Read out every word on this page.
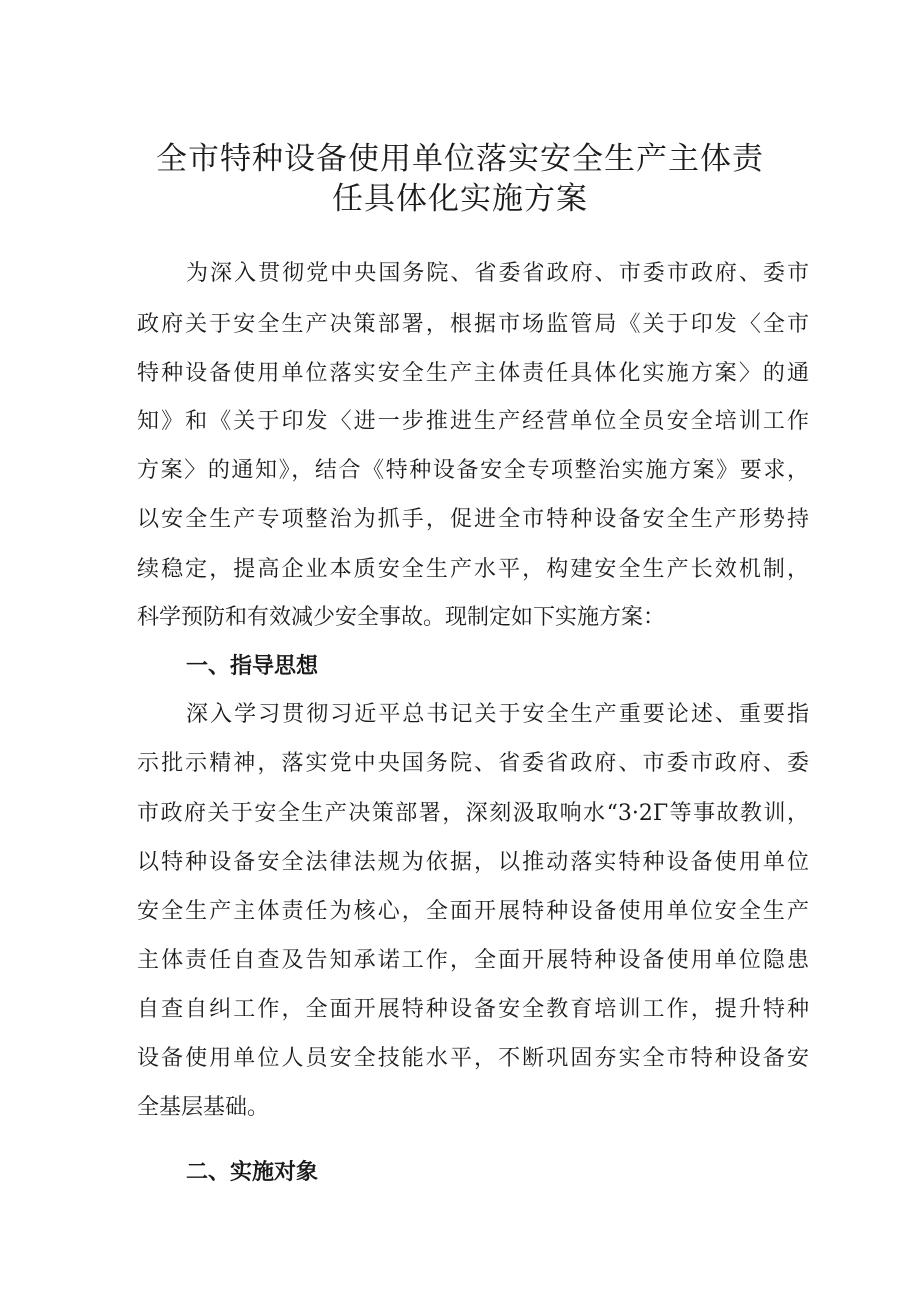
全市特种设备使用单位落实安全生产主体责
任具体化实施方案
为深入贯彻党中央国务院、省委省政府、市委市政府、委市
政府关于安全生产决策部署，根据市场监管局《关于印发〈全市
特种设备使用单位落实安全生产主体责任具体化实施方案〉的通
知》和《关于印发〈进一步推进生产经营单位全员安全培训工作
方案〉的通知》，结合《特种设备安全专项整治实施方案》要求，
以安全生产专项整治为抓手，促进全市特种设备安全生产形势持
续稳定，提高企业本质安全生产水平，构建安全生产长效机制，
科学预防和有效减少安全事故。现制定如下实施方案：
一、指导思想
深入学习贯彻习近平总书记关于安全生产重要论述、重要指
示批示精神，落实党中央国务院、省委省政府、市委市政府、委
市政府关于安全生产决策部署，深刻汲取响水“3·2Γ等事故教训，
以特种设备安全法律法规为依据，以推动落实特种设备使用单位
安全生产主体责任为核心，全面开展特种设备使用单位安全生产
主体责任自查及告知承诺工作，全面开展特种设备使用单位隐患
自查自纠工作，全面开展特种设备安全教育培训工作，提升特种
设备使用单位人员安全技能水平，不断巩固夯实全市特种设备安
全基层基础。
二、实施对象
